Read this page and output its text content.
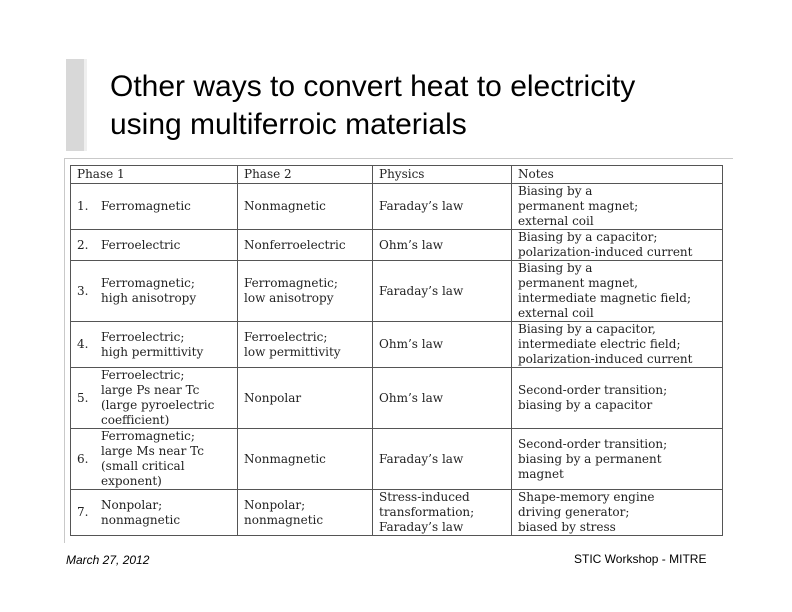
Other ways to convert heat to electricity
using multiferroic materials
Phase 1	Phase 2	Physics	Notes

1. Ferromagnetic	Nonmagnetic	Faraday’s law	Biasing by a
permanent magnet;
external coil

2. Ferroelectric	Nonferroelectric	Ohm’s law	Biasing by a capacitor;
polarization-induced current

3.
Ferromagnetic;
high anisotropy	Ferromagnetic;
low anisotropy	Faraday’s law	Biasing by a
permanent magnet,
intermediate magnetic field;
external coil

4.
Ferroelectric;
high permittivity	Ferroelectric;
low permittivity	Ohm’s law	Biasing by a capacitor,
intermediate electric field;
polarization-induced current

5.
Ferroelectric;
large Ps near Tc
(large pyroelectric
coefficient)	Nonpolar	Ohm’s law	Second-order transition;
biasing by a capacitor

6.
Ferromagnetic;
large Ms near Tc
(small critical
exponent)	Nonmagnetic	Faraday’s law	Second-order transition;
biasing by a permanent
magnet

7.
Nonpolar;
nonmagnetic	Nonpolar;
nonmagnetic	Stress-induced
transformation;
Faraday’s law	Shape-memory engine
driving generator;
biased by stress
March 27, 2012	STIC Workshop - MITRE
